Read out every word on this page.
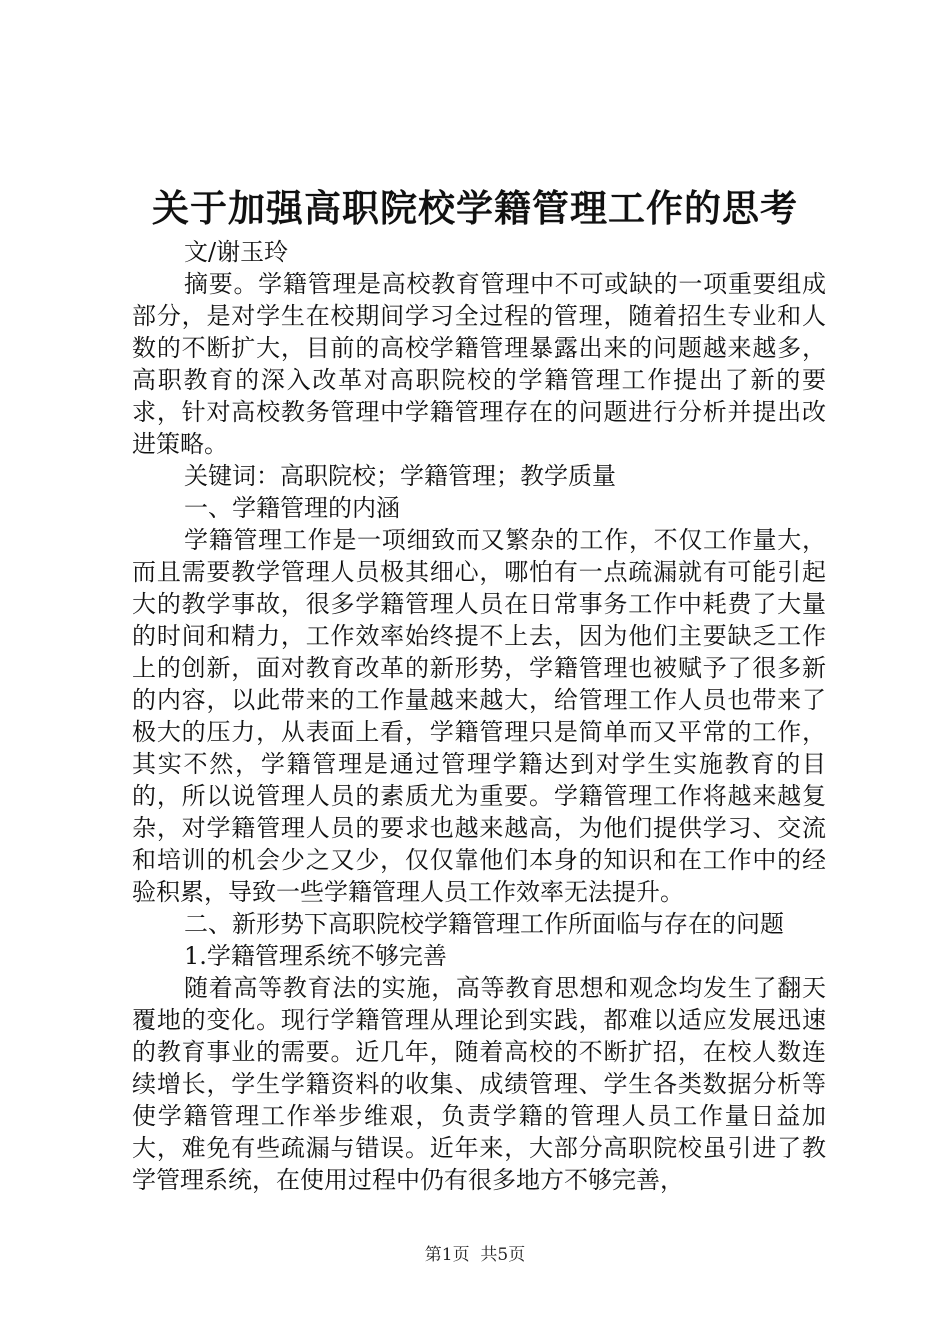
关于加强高职院校学籍管理工作的思考

文/谢玉玲

摘要。学籍管理是高校教育管理中不可或缺的一项重要组成部分，是对学生在校期间学习全过程的管理，随着招生专业和人数的不断扩大，目前的高校学籍管理暴露出来的问题越来越多，高职教育的深入改革对高职院校的学籍管理工作提出了新的要求，针对高校教务管理中学籍管理存在的问题进行分析并提出改进策略。

关键词：高职院校；学籍管理；教学质量

一、学籍管理的内涵

学籍管理工作是一项细致而又繁杂的工作，不仅工作量大，而且需要教学管理人员极其细心，哪怕有一点疏漏就有可能引起大的教学事故，很多学籍管理人员在日常事务工作中耗费了大量的时间和精力，工作效率始终提不上去，因为他们主要缺乏工作上的创新，面对教育改革的新形势，学籍管理也被赋予了很多新的内容，以此带来的工作量越来越大，给管理工作人员也带来了极大的压力，从表面上看，学籍管理只是简单而又平常的工作，其实不然，学籍管理是通过管理学籍达到对学生实施教育的目的，所以说管理人员的素质尤为重要。学籍管理工作将越来越复杂，对学籍管理人员的要求也越来越高，为他们提供学习、交流和培训的机会少之又少，仅仅靠他们本身的知识和在工作中的经验积累，导致一些学籍管理人员工作效率无法提升。

二、新形势下高职院校学籍管理工作所面临与存在的问题

1.学籍管理系统不够完善

随着高等教育法的实施，高等教育思想和观念均发生了翻天覆地的变化。现行学籍管理从理论到实践，都难以适应发展迅速的教育事业的需要。近几年，随着高校的不断扩招，在校人数连续增长，学生学籍资料的收集、成绩管理、学生各类数据分析等使学籍管理工作举步维艰，负责学籍的管理人员工作量日益加大，难免有些疏漏与错误。近年来，大部分高职院校虽引进了教学管理系统，在使用过程中仍有很多地方不够完善，

第1页  共5页
